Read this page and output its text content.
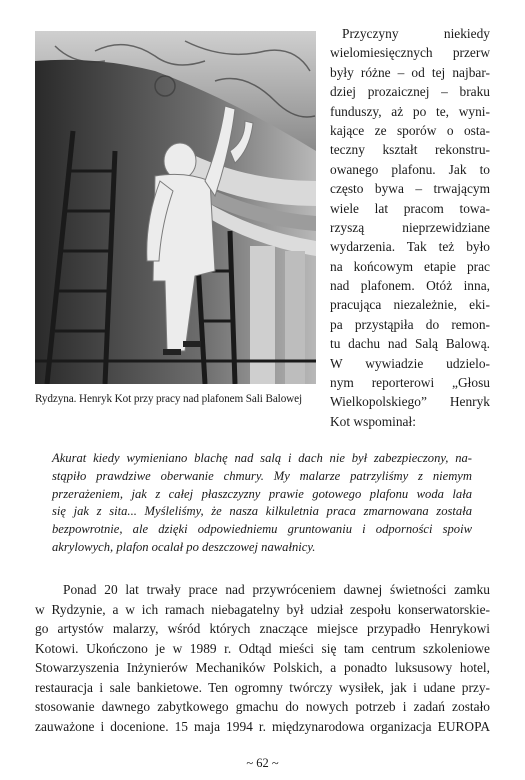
Rydzyna. Henryk Kot przy pracy nad plafonem Sali Balowej
Przyczyny niekiedy
wielomiesięcznych przerw
były różne – od tej najbar-
dziej prozaicznej – braku
funduszy, aż po te, wyni-
kające ze sporów o osta-
teczny kształt rekonstru-
owanego plafonu. Jak to
często bywa – trwającym
wiele lat pracom towa-
rzyszą nieprzewidziane
wydarzenia. Tak też było
na końcowym etapie prac
nad plafonem. Otóż inna,
pracująca niezależnie, eki-
pa przystąpiła do remon-
tu dachu nad Salą Balową.
W wywiadzie udzielo-
nym reporterowi „Głosu
Wielkopolskiego” Henryk
Kot wspominał:
Akurat kiedy wymieniano blachę nad salą i dach nie był zabezpieczony, na-
stąpiło prawdziwe oberwanie chmury. My malarze patrzyliśmy z niemym
przerażeniem, jak z całej płaszczyzny prawie gotowego plafonu woda lała
się jak z sita... Myśleliśmy, że nasza kilkuletnia praca zmarnowana została
bezpowrotnie, ale dzięki odpowiedniemu gruntowaniu i odporności spoiw
akrylowych, plafon ocalał po deszczowej nawałnicy.
Ponad 20 lat trwały prace nad przywróceniem dawnej świetności zamku
w Rydzynie, a w ich ramach niebagatelny był udział zespołu konserwatorskie-
go artystów malarzy, wśród których znaczące miejsce przypadło Henrykowi
Kotowi. Ukończono je w 1989 r. Odtąd mieści się tam centrum szkoleniowe
Stowarzyszenia Inżynierów Mechaników Polskich, a ponadto luksusowy hotel,
restauracja i sale bankietowe. Ten ogromny twórczy wysiłek, jak i udane przy-
stosowanie dawnego zabytkowego gmachu do nowych potrzeb i zadań zostało
zauważone i docenione. 15 maja 1994 r. międzynarodowa organizacja EUROPA
~ 62 ~
